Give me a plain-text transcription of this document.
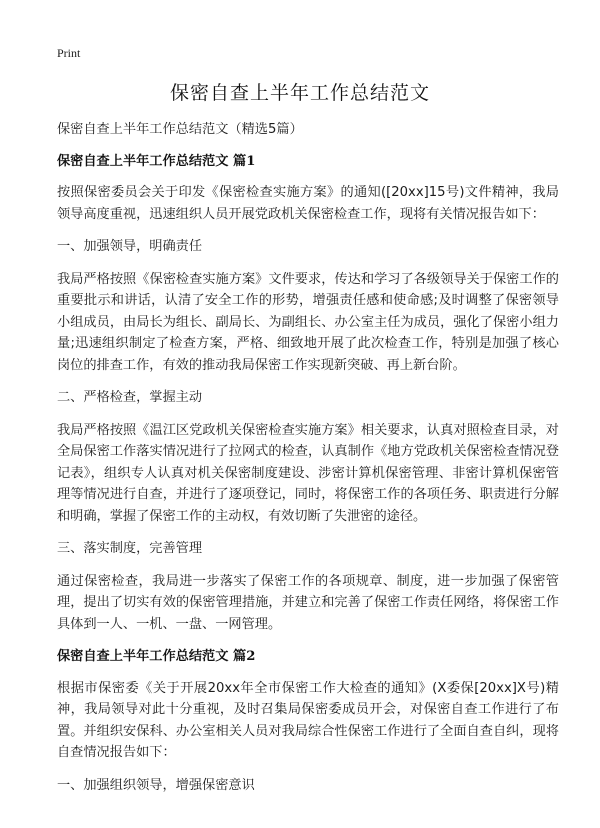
Print
保密自查上半年工作总结范文

保密自查上半年工作总结范文（精选5篇）

保密自查上半年工作总结范文 篇1

按照保密委员会关于印发《保密检查实施方案》的通知([20xx]15号)文件精神，我局领导高度重视，迅速组织人员开展党政机关保密检查工作，现将有关情况报告如下：

一、加强领导，明确责任

我局严格按照《保密检查实施方案》文件要求，传达和学习了各级领导关于保密工作的重要批示和讲话，认清了安全工作的形势，增强责任感和使命感;及时调整了保密领导小组成员，由局长为组长、副局长、为副组长、办公室主任为成员，强化了保密小组力量;迅速组织制定了检查方案，严格、细致地开展了此次检查工作，特别是加强了核心岗位的排查工作，有效的推动我局保密工作实现新突破、再上新台阶。

二、严格检查，掌握主动

我局严格按照《温江区党政机关保密检查实施方案》相关要求，认真对照检查目录，对全局保密工作落实情况进行了拉网式的检查，认真制作《地方党政机关保密检查情况登记表》，组织专人认真对机关保密制度建设、涉密计算机保密管理、非密计算机保密管理等情况进行自查，并进行了逐项登记，同时，将保密工作的各项任务、职责进行分解和明确，掌握了保密工作的主动权，有效切断了失泄密的途径。

三、落实制度，完善管理

通过保密检查，我局进一步落实了保密工作的各项规章、制度，进一步加强了保密管理，提出了切实有效的保密管理措施，并建立和完善了保密工作责任网络，将保密工作具体到一人、一机、一盘、一网管理。

保密自查上半年工作总结范文 篇2

根据市保密委《关于开展20xx年全市保密工作大检查的通知》(X委保[20xx]X号)精神，我局领导对此十分重视，及时召集局保密委成员开会，对保密自查工作进行了布置。并组织安保科、办公室相关人员对我局综合性保密工作进行了全面自查自纠，现将自查情况报告如下：

一、加强组织领导，增强保密意识
